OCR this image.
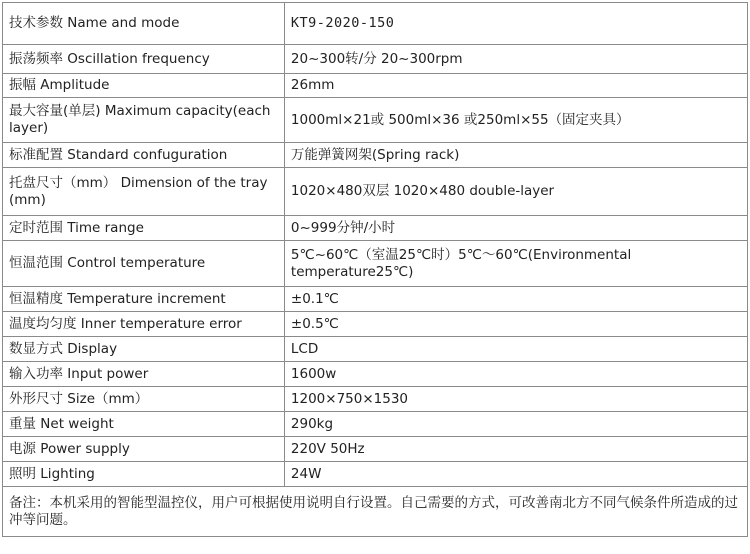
技术参数 Name and mode	KT9-2020-150
振荡频率 Oscillation frequency	20~300转/分 20~300rpm
振幅 Amplitude	26mm
最大容量(单层) Maximum capacity(each layer)	1000ml×21或 500ml×36 或250ml×55（固定夹具）
标准配置 Standard confuguration	万能弹簧网架(Spring rack)
托盘尺寸（mm） Dimension of the tray (mm)	1020×480双层 1020×480 double-layer
定时范围 Time range	0~999分钟/小时
恒温范围 Control temperature	5℃~60℃（室温25℃时）5℃～60℃(Environmental temperature25℃)
恒温精度 Temperature increment	±0.1℃
温度均匀度 Inner temperature error	±0.5℃
数显方式 Display	LCD
输入功率 Input power	1600w
外形尺寸 Size（mm）	1200×750×1530
重量 Net weight	290kg
电源 Power supply	220V 50Hz
照明 Lighting	24W
备注：本机采用的智能型温控仪，用户可根据使用说明自行设置。自己需要的方式，可改善南北方不同气候条件所造成的过冲等问题。	
